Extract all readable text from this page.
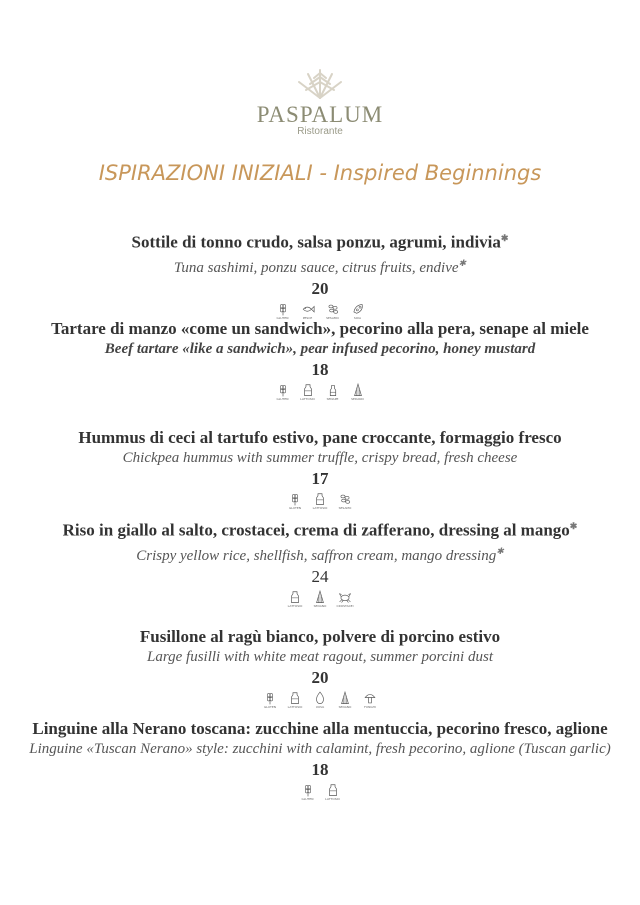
PASPALUM
Ristorante
ISPIRAZIONI INIZIALI - Inspired Beginnings
Sottile di tonno crudo, salsa ponzu, agrumi, indivia✱
Tuna sashimi, ponzu sauce, citrus fruits, endive✱
20
GLUTEN	PESCE	SESAMO	SOIA
Tartare di manzo «come un sandwich», pecorino alla pera, senape al miele
Beef tartare «like a sandwich», pear infused pecorino, honey mustard
18
GLUTEN	LATTOSIO	SENAPE	SEDANO
Hummus di ceci al tartufo estivo, pane croccante, formaggio fresco
Chickpea hummus with summer truffle, crispy bread, fresh cheese
17
GLUTEN	LATTOSIO	SESAMO
Riso in giallo al salto, crostacei, crema di zafferano, dressing al mango✱
Crispy yellow rice, shellfish, saffron cream, mango dressing✱
24
LATTOSIO	SEDANO	CROSTACEI
Fusillone al ragù bianco, polvere di porcino estivo
Large fusilli with white meat ragout, summer porcini dust
20
GLUTEN	LATTOSIO	UOVA	SEDANO	FUNGHI
Linguine alla Nerano toscana: zucchine alla mentuccia, pecorino fresco, aglione
Linguine «Tuscan Nerano» style: zucchini with calamint, fresh pecorino, aglione (Tuscan garlic)
18
GLUTEN	LATTOSIO
